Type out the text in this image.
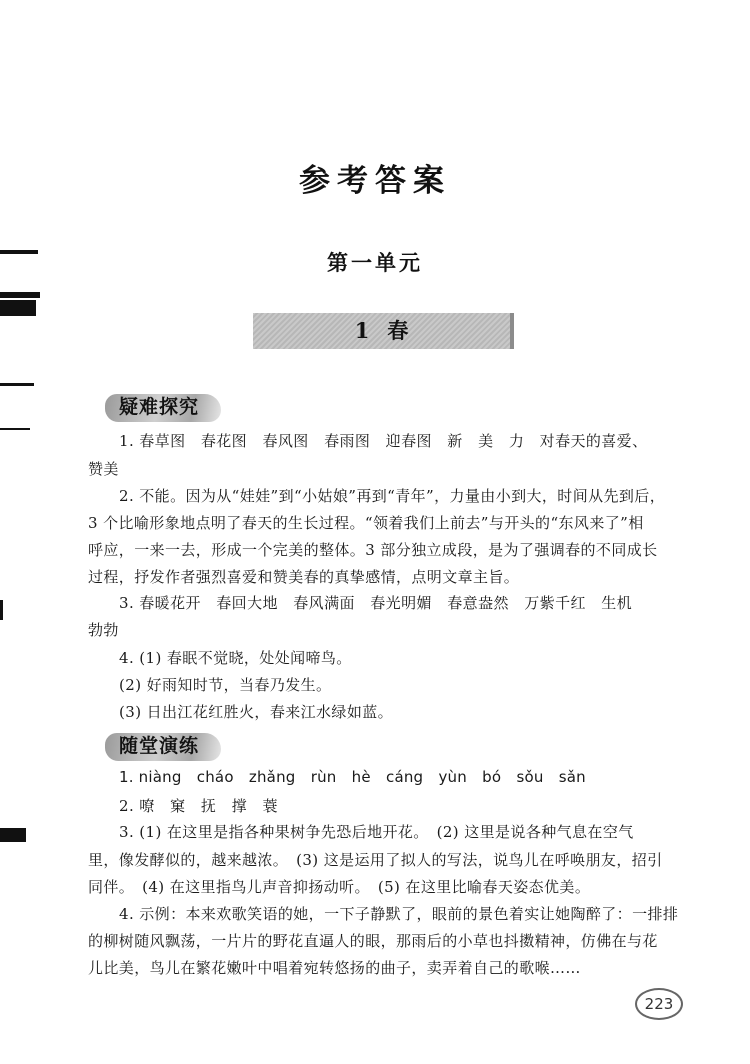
参考答案
第一单元
1 春
疑难探究
1. 春草图　春花图　春风图　春雨图　迎春图　新　美　力　对春天的喜爱、
赞美
2. 不能。因为从“娃娃”到“小姑娘”再到“青年”，力量由小到大，时间从先到后，
3 个比喻形象地点明了春天的生长过程。“领着我们上前去”与开头的“东风来了”相
呼应，一来一去，形成一个完美的整体。3 部分独立成段，是为了强调春的不同成长
过程，抒发作者强烈喜爱和赞美春的真挚感情，点明文章主旨。
3. 春暖花开　春回大地　春风满面　春光明媚　春意盎然　万紫千红　生机
勃勃
4. (1) 春眠不觉晓，处处闻啼鸟。
(2) 好雨知时节，当春乃发生。
(3) 日出江花红胜火，春来江水绿如蓝。
随堂演练
1. niàng　cháo　zhǎng　rùn　hè　cáng　yùn　bó　sǒu　sǎn
2. 嘹　窠　抚　撑　蓑
3. (1) 在这里是指各种果树争先恐后地开花。　(2) 这里是说各种气息在空气
里，像发酵似的，越来越浓。　(3) 这是运用了拟人的写法，说鸟儿在呼唤朋友，招引
同伴。　(4) 在这里指鸟儿声音抑扬动听。　(5) 在这里比喻春天姿态优美。
4. 示例：本来欢歌笑语的她，一下子静默了，眼前的景色着实让她陶醉了：一排排
的柳树随风飘荡，一片片的野花直逼人的眼，那雨后的小草也抖擞精神，仿佛在与花
儿比美，鸟儿在繁花嫩叶中唱着宛转悠扬的曲子，卖弄着自己的歌喉……
223
